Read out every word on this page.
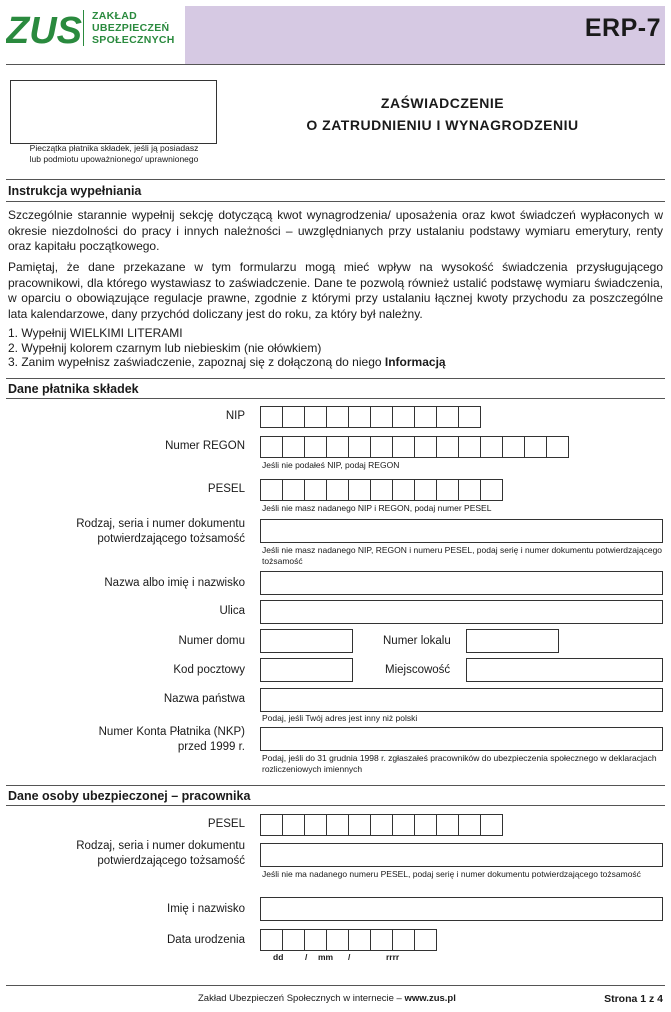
ZUS ZAKŁAD
UBEZPIECZEŃ
SPOŁECZNYCH	ERP-7
Pieczątka płatnika składek, jeśli ją posiadasz
lub podmiotu upoważnionego/ uprawnionego
ZAŚWIADCZENIE
O ZATRUDNIENIU I WYNAGRODZENIU
Instrukcja wypełniania
Szczególnie starannie wypełnij sekcję dotyczącą kwot wynagrodzenia/ uposażenia oraz kwot świadczeń wypłaconych w okresie niezdolności do pracy i innych należności – uwzględnianych przy ustalaniu podstawy wymiaru emerytury, renty oraz kapitału początkowego.
Pamiętaj, że dane przekazane w tym formularzu mogą mieć wpływ na wysokość świadczenia przysługującego pracownikowi, dla którego wystawiasz to zaświadczenie. Dane te pozwolą również ustalić podstawę wymiaru świadczenia, w oparciu o obowiązujące regulacje prawne, zgodnie z którymi przy ustalaniu łącznej kwoty przychodu za poszczególne lata kalendarzowe, dany przychód doliczany jest do roku, za który był należny.
1. Wypełnij WIELKIMI LITERAMI
2. Wypełnij kolorem czarnym lub niebieskim (nie ołówkiem)
3. Zanim wypełnisz zaświadczenie, zapoznaj się z dołączoną do niego Informacją
Dane płatnika składek
NIP
Numer REGON
Jeśli nie podałeś NIP, podaj REGON
PESEL
Jeśli nie masz nadanego NIP i REGON, podaj numer PESEL
Rodzaj, seria i numer dokumentu
potwierdzającego tożsamość
Jeśli nie masz nadanego NIP, REGON i numeru PESEL, podaj serię i numer dokumentu potwierdzającego tożsamość
Nazwa albo imię i nazwisko
Ulica
Numer domu	Numer lokalu
Kod pocztowy	Miejscowość
Nazwa państwa
Podaj, jeśli Twój adres jest inny niż polski
Numer Konta Płatnika (NKP)
przed 1999 r.
Podaj, jeśli do 31 grudnia 1998 r. zgłaszałeś pracowników do ubezpieczenia społecznego w deklaracjach rozliczeniowych imiennych
Dane osoby ubezpieczonej – pracownika
PESEL
Rodzaj, seria i numer dokumentu
potwierdzającego tożsamość
Jeśli nie ma nadanego numeru PESEL, podaj serię i numer dokumentu potwierdzającego tożsamość
Imię i nazwisko
Data urodzenia
dd	/ mm /	rrrr
Zakład Ubezpieczeń Społecznych w internecie – www.zus.pl	Strona 1 z 4
